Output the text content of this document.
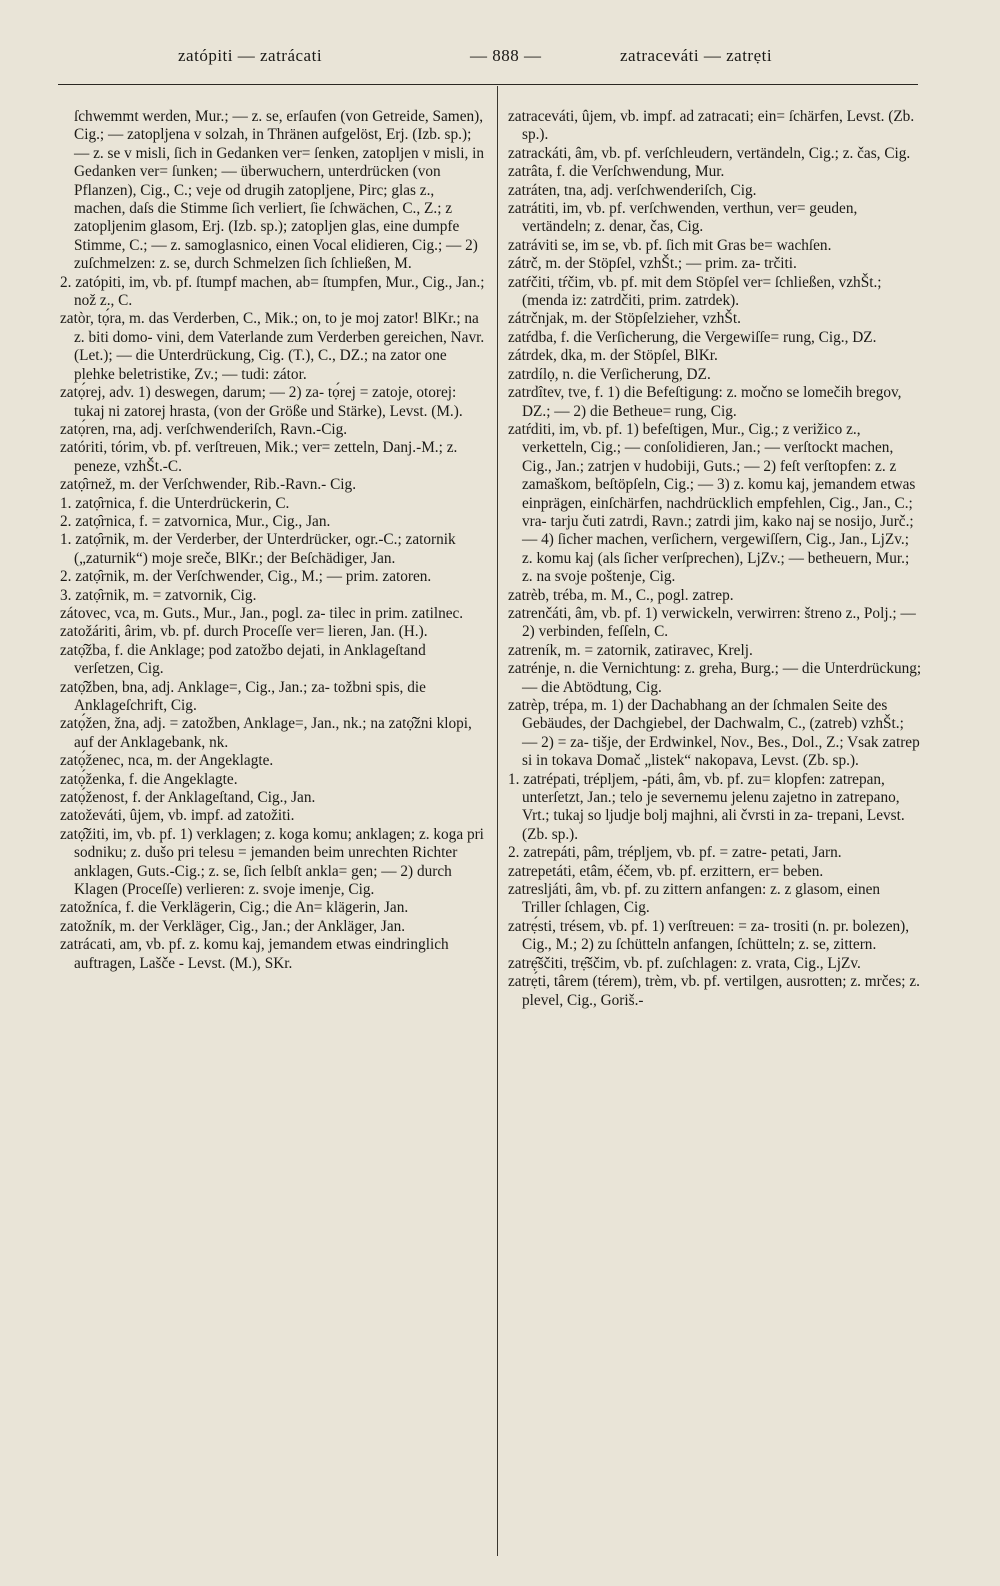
zatópiti — zatrácati	— 888 —	zatraceváti — zatrẹti

ſchwemmt werden, Mur.; — z. se, erſaufen (von Getreide, Samen), Cig.; — zatopljena v solzah, in Thränen aufgelöst, Erj. (Izb. sp.); — z. se v misli, ſich in Gedanken ver= ſenken, zatopljen v misli, in Gedanken ver= ſunken; — überwuchern, unterdrücken (von Pflanzen), Cig., C.; veje od drugih zatopljene, Pirc; glas z., machen, daſs die Stimme ſich verliert, ſie ſchwächen, C., Z.; z zatopljenim glasom, Erj. (Izb. sp.); zatopljen glas, eine dumpfe Stimme, C.; — z. samoglasnico, einen Vocal elidieren, Cig.; — 2) zuſchmelzen: z. se, durch Schmelzen ſich ſchließen, M.

2. zatópiti, im, vb. pf. ſtumpf machen, ab= ſtumpfen, Mur., Cig., Jan.; nož z., C.

zatòr, tọ́ra, m. das Verderben, C., Mik.; on, to je moj zator! BlKr.; na z. biti domo- vini, dem Vaterlande zum Verderben gereichen, Navr. (Let.); — die Unterdrückung, Cig. (T.), C., DZ.; na zator one plehke beletristike, Zv.; — tudi: zátor.

zatọ́rej, adv. 1) deswegen, darum; — 2) za- tọ́rej = zatoje, otorej: tukaj ni zatorej hrasta, (von der Größe und Stärke), Levst. (M.).

zatọ́ren, rna, adj. verſchwenderiſch, Ravn.-Cig.

zatóriti, tórim, vb. pf. verſtreuen, Mik.; ver= zetteln, Danj.-M.; z. peneze, vzhŠt.-C.

zatọ̑rnež, m. der Verſchwender, Rib.-Ravn.- Cig.

1. zatọ̑rnica, f. die Unterdrückerin, C.

2. zatọ̑rnica, f. = zatvornica, Mur., Cig., Jan.

1. zatọ̑rnik, m. der Verderber, der Unterdrücker, ogr.-C.; zatornik („zaturnik“) moje sreče, BlKr.; der Beſchädiger, Jan.

2. zatọ̑rnik, m. der Verſchwender, Cig., M.; — prim. zatoren.

3. zatọ̑rnik, m. = zatvornik, Cig.

zátovec, vca, m. Guts., Mur., Jan., pogl. za- tilec in prim. zatilnec.

zatožáriti, ârim, vb. pf. durch Proceſſe ver= lieren, Jan. (H.).

zatọ̑žba, f. die Anklage; pod zatožbo dejati, in Anklageſtand verſetzen, Cig.

zatọ̑žben, bna, adj. Anklage=, Cig., Jan.; za- tožbni spis, die Anklageſchrift, Cig.

zatọ́žen, žna, adj. = zatožben, Anklage=, Jan., nk.; na zatọ̑žni klopi, auf der Anklagebank, nk.

zatọ́ženec, nca, m. der Angeklagte.

zatọ́ženka, f. die Angeklagte.

zatọ́ženost, f. der Anklageſtand, Cig., Jan.

zatoževáti, ûjem, vb. impf. ad zatožiti.

zatọ̑žiti, im, vb. pf. 1) verklagen; z. koga komu; anklagen; z. koga pri sodniku; z. dušo pri telesu = jemanden beim unrechten Richter anklagen, Guts.-Cig.; z. se, ſich ſelbſt ankla= gen; — 2) durch Klagen (Proceſſe) verlieren: z. svoje imenje, Cig.

zatožníca, f. die Verklägerin, Cig.; die An= klägerin, Jan.

zatožník, m. der Verkläger, Cig., Jan.; der Ankläger, Jan.

zatrácati, am, vb. pf. z. komu kaj, jemandem etwas eindringlich auftragen, Lašče - Levst. (M.), SKr.

zatraceváti, ûjem, vb. impf. ad zatracati; ein= ſchärfen, Levst. (Zb. sp.).

zatrackáti, âm, vb. pf. verſchleudern, vertändeln, Cig.; z. čas, Cig.

zatrâta, f. die Verſchwendung, Mur.

zatráten, tna, adj. verſchwenderiſch, Cig.

zatrátiti, im, vb. pf. verſchwenden, verthun, ver= geuden, vertändeln; z. denar, čas, Cig.

zatráviti se, im se, vb. pf. ſich mit Gras be= wachſen.

zátrč, m. der Stöpſel, vzhŠt.; — prim. za- trčiti.

zatŕčiti, tŕčim, vb. pf. mit dem Stöpſel ver= ſchließen, vzhŠt.; (menda iz: zatrdčiti, prim. zatrdek).

zátrčnjak, m. der Stöpſelzieher, vzhŠt.

zatŕdba, f. die Verſicherung, die Vergewiſſe= rung, Cig., DZ.

zátrdek, dka, m. der Stöpſel, BlKr.

zatrdílọ, n. die Verſicherung, DZ.

zatrdîtev, tve, f. 1) die Befeſtigung: z. močno se lomečih bregov, DZ.; — 2) die Betheue= rung, Cig.

zatŕditi, im, vb. pf. 1) befeſtigen, Mur., Cig.; z verižico z., verketteln, Cig.; — conſolidieren, Jan.; — verſtockt machen, Cig., Jan.; zatrjen v hudobiji, Guts.; — 2) feſt verſtopfen: z. z zamaškom, beſtöpſeln, Cig.; — 3) z. komu kaj, jemandem etwas einprägen, einſchärfen, nachdrücklich empfehlen, Cig., Jan., C.; vra- tarju čuti zatrdi, Ravn.; zatrdi jim, kako naj se nosijo, Jurč.; — 4) ſicher machen, verſichern, vergewiſſern, Cig., Jan., LjZv.; z. komu kaj (als ſicher verſprechen), LjZv.; — betheuern, Mur.; z. na svoje poštenje, Cig.

zatrèb, tréba, m. M., C., pogl. zatrep.

zatrenčáti, âm, vb. pf. 1) verwickeln, verwirren: štreno z., Polj.; — 2) verbinden, feſſeln, C.

zatreník, m. = zatornik, zatiravec, Krelj.

zatrénje, n. die Vernichtung: z. greha, Burg.; — die Unterdrückung; — die Abtödtung, Cig.

zatrèp, trépa, m. 1) der Dachabhang an der ſchmalen Seite des Gebäudes, der Dachgiebel, der Dachwalm, C., (zatreb) vzhŠt.; — 2) = za- tišje, der Erdwinkel, Nov., Bes., Dol., Z.; Vsak zatrep si in tokava Domač „listek“ nakopava, Levst. (Zb. sp.).

1. zatrépati, trépljem, -páti, âm, vb. pf. zu= klopfen: zatrepan, unterſetzt, Jan.; telo je severnemu jelenu zajetno in zatrepano, Vrt.; tukaj so ljudje bolj majhni, ali čvrsti in za- trepani, Levst. (Zb. sp.).

2. zatrepáti, pâm, trépljem, vb. pf. = zatre- petati, Jarn.

zatrepetáti, etâm, éčem, vb. pf. erzittern, er= beben.

zatresljáti, âm, vb. pf. zu zittern anfangen: z. z glasom, einen Triller ſchlagen, Cig.

zatrẹ́sti, trésem, vb. pf. 1) verſtreuen: = za- trositi (n. pr. bolezen), Cig., M.; 2) zu ſchütteln anfangen, ſchütteln; z. se, zittern.

zatrẹ̑ščiti, trẹ̑ščim, vb. pf. zuſchlagen: z. vrata, Cig., LjZv.

zatrẹ́ti, târem (térem), trèm, vb. pf. vertilgen, ausrotten; z. mrčes; z. plevel, Cig., Goriš.-
